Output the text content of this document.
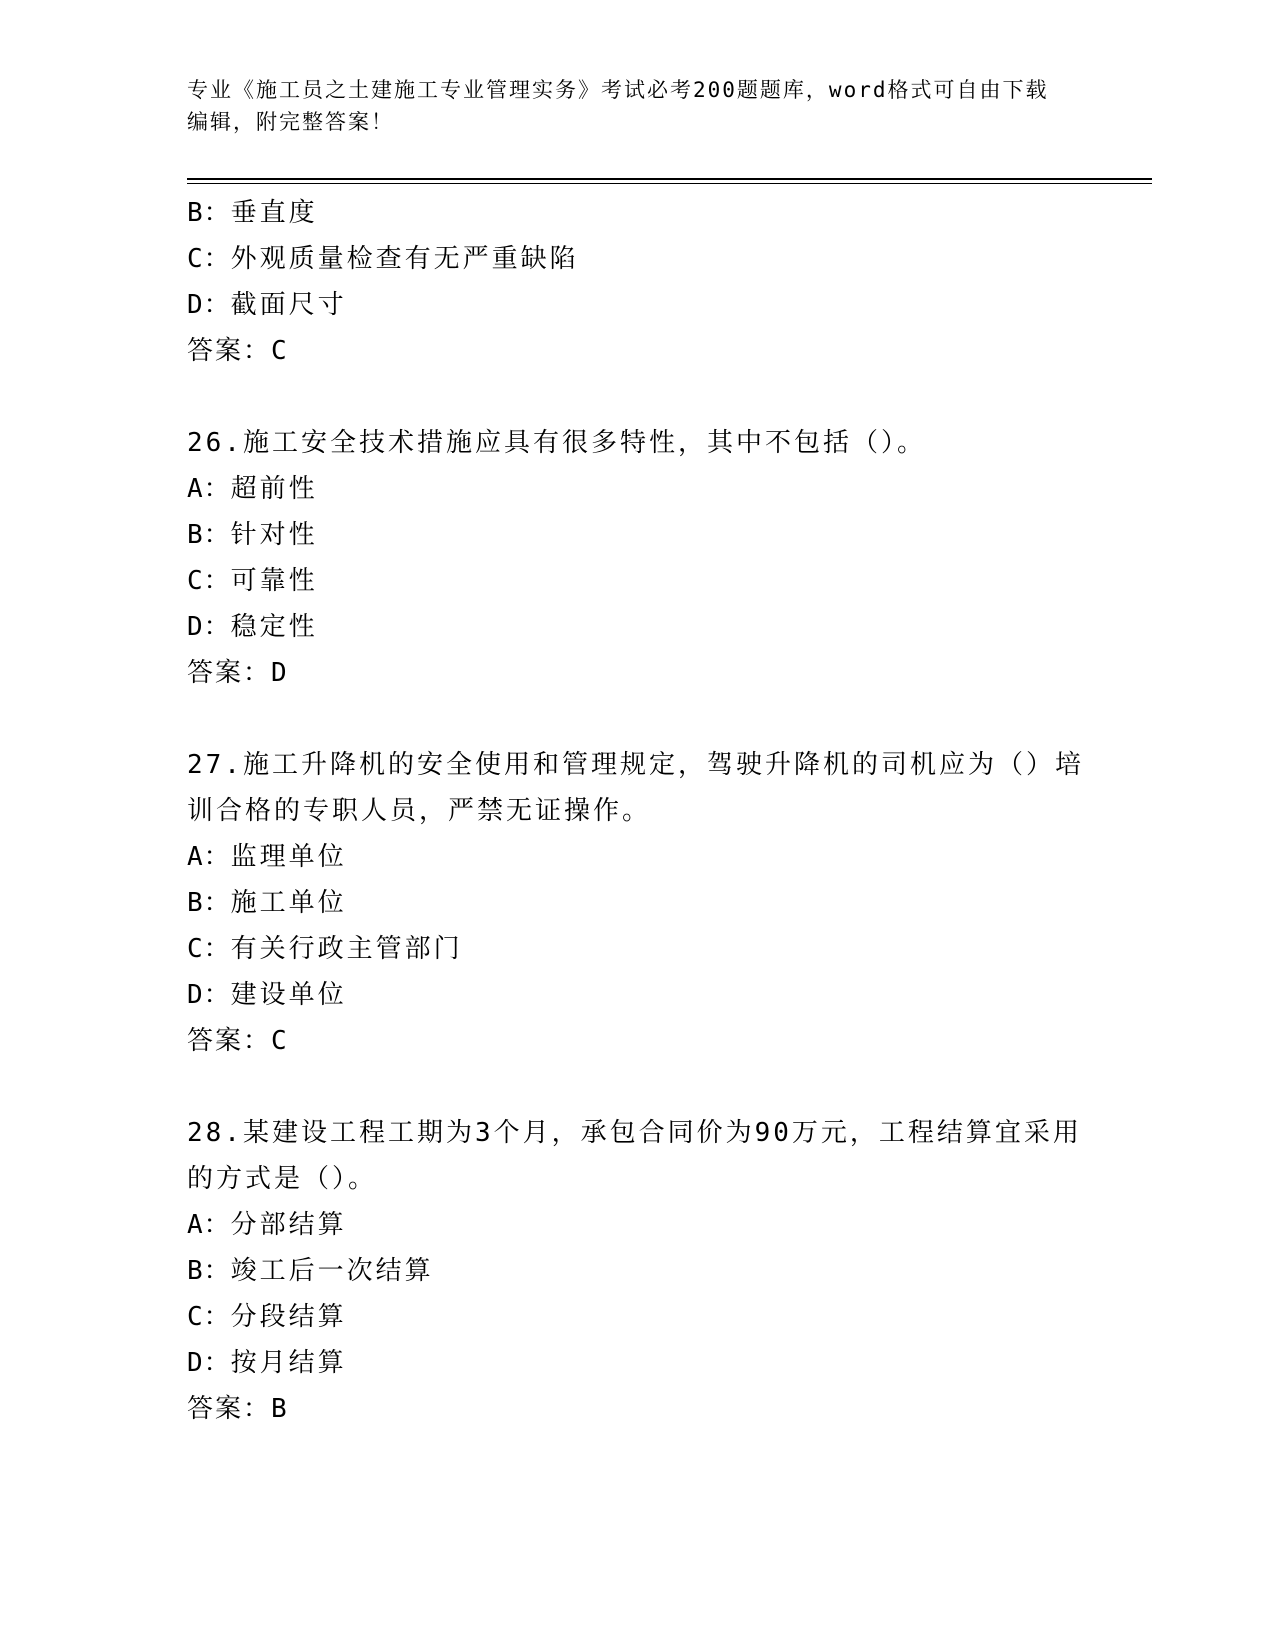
专业《施工员之土建施工专业管理实务》考试必考200题题库，word格式可自由下载编辑，附完整答案！

B：垂直度

C：外观质量检查有无严重缺陷

D：截面尺寸

答案：C

26.施工安全技术措施应具有很多特性，其中不包括（）。

A：超前性

B：针对性

C：可靠性

D：稳定性

答案：D

27.施工升降机的安全使用和管理规定，驾驶升降机的司机应为（）培训合格的专职人员，严禁无证操作。

A：监理单位

B：施工单位

C：有关行政主管部门

D：建设单位

答案：C

28.某建设工程工期为3个月，承包合同价为90万元，工程结算宜采用的方式是（）。

A：分部结算

B：竣工后一次结算

C：分段结算

D：按月结算

答案：B
